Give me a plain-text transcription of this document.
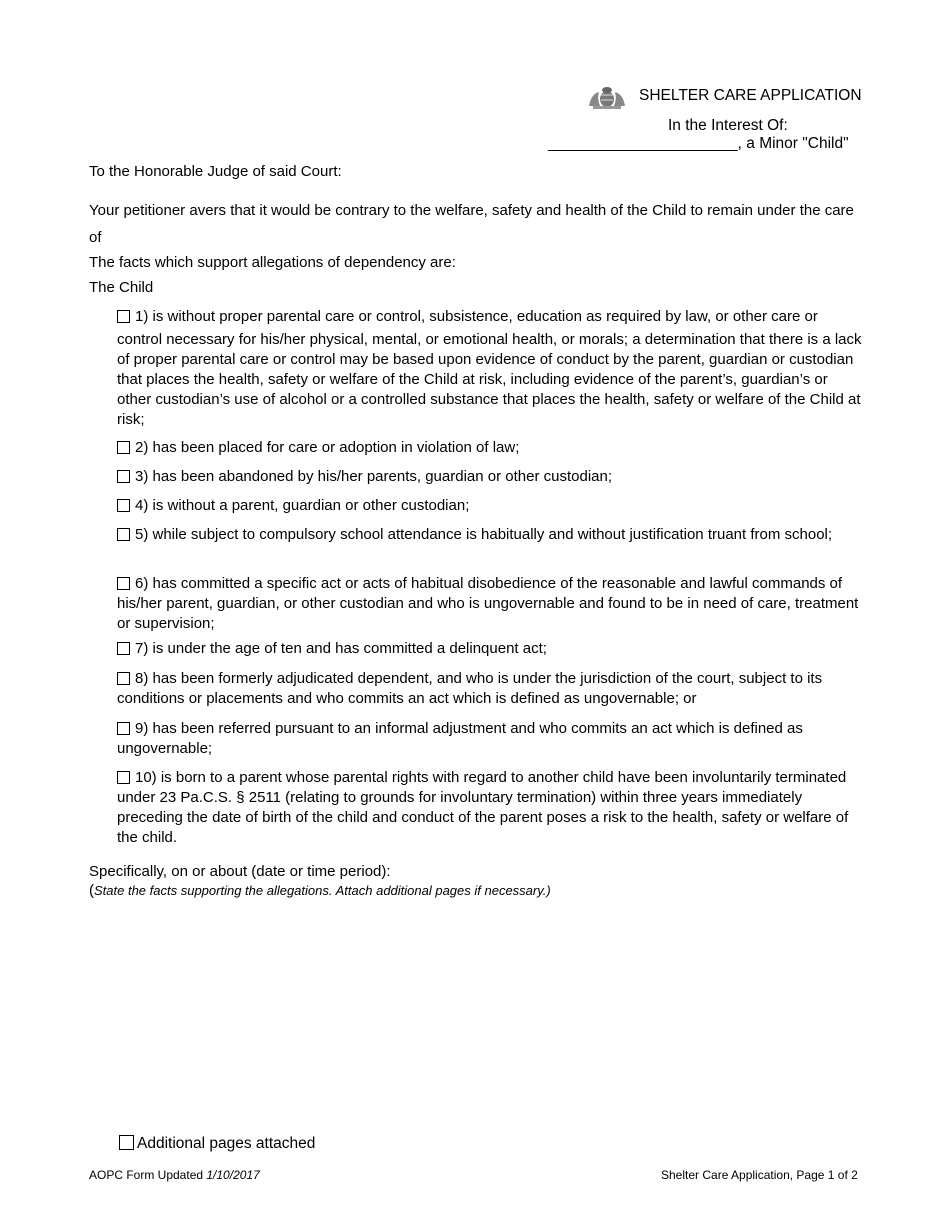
SHELTER CARE APPLICATION
In the Interest Of:
______________________, a Minor "Child"
To the Honorable Judge of said Court:
Your petitioner avers that it would be contrary to the welfare, safety and health of the Child to remain under the care of
The facts which support allegations of dependency are:
The Child
1) is without proper parental care or control, subsistence, education as required by law, or other care or
control necessary for his/her physical, mental, or emotional health, or morals; a determination that there is a lack of proper parental care or control may be based upon evidence of conduct by the parent, guardian or custodian that places the health, safety or welfare of the Child at risk, including evidence of the parent’s, guardian’s or other custodian’s use of alcohol or a controlled substance that places the health, safety or welfare of the Child at risk;
2) has been placed for care or adoption in violation of law;
3) has been abandoned by his/her parents, guardian or other custodian;
4) is without a parent, guardian or other custodian;
5) while subject to compulsory school attendance is habitually and without justification truant from school;
6) has committed a specific act or acts of habitual disobedience of the reasonable and lawful commands of his/her parent, guardian, or other custodian and who is ungovernable and found to be in need of care, treatment or supervision;
7) is under the age of ten and has committed a delinquent act;
8) has been formerly adjudicated dependent, and who is under the jurisdiction of the court, subject to its conditions or placements and who commits an act which is defined as ungovernable; or
9) has been referred pursuant to an informal adjustment and who commits an act which is defined as ungovernable;
10) is born to a parent whose parental rights with regard to another child have been involuntarily terminated under 23 Pa.C.S. § 2511 (relating to grounds for involuntary termination) within three years immediately preceding the date of birth of the child and conduct of the parent poses a risk to the health, safety or welfare of the child.
Specifically, on or about (date or time period):
(State the facts supporting the allegations. Attach additional pages if necessary.)
Additional pages attached
AOPC Form Updated 1/10/2017	Shelter Care Application, Page 1 of 2
